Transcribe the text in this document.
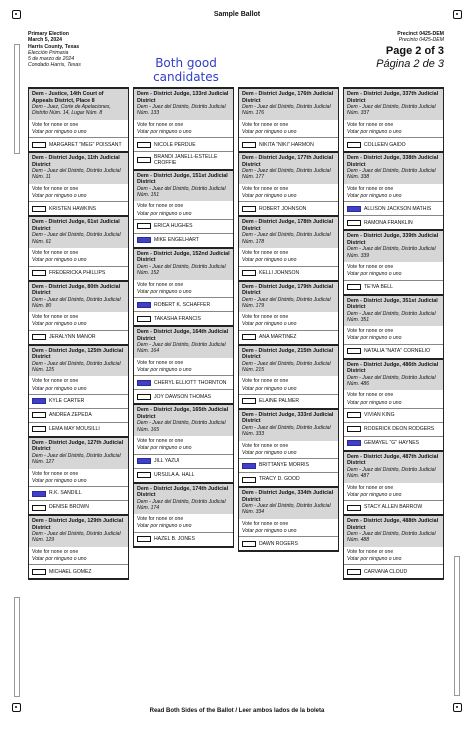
Sample Ballot
Primary Election
March 5, 2024
Harris County, Texas
Elección Primaria
5 de marzo de 2024
Condado Harris, Texas
Precinct 0425-DEM
Precinto 0425-DEM
Page 2 of 3
Página 2 de 3
Both good candidates
Dem - Justice, 14th Court of Appeals District, Place 8
Dem - Juez, Corte de Apelaciones, Distrito Núm. 14, Lugar Núm. 8
Vote for none or one
Votar por ninguno o uno
MARGARET "MEG" POISSANT
Dem - District Judge, 11th Judicial District
Dem - Juez del Distrito, Distrito Judicial Núm. 11
Vote for none or one
Votar por ninguno o uno
KRISTEN HAWKINS
Dem - District Judge, 61st Judicial District
Dem - Juez del Distrito, Distrito Judicial Núm. 61
Vote for none or one
Votar por ninguno o uno
FREDERICKA PHILLIPS
Dem - District Judge, 80th Judicial District
Dem - Juez del Distrito, Distrito Judicial Núm. 80
Vote for none or one
Votar por ninguno o uno
JERALYNN MANOR
Dem - District Judge, 125th Judicial District
Dem - Juez del Distrito, Distrito Judicial Núm. 125
Vote for none or one
Votar por ninguno o uno
KYLE CARTER
ANDREA ZEPEDA
LEMA MAY MOUSILLI
Dem - District Judge, 127th Judicial District
Dem - Juez del Distrito, Distrito Judicial Núm. 127
Vote for none or one
Votar por ninguno o uno
R.K. SANDILL
DENISE BROWN
Dem - District Judge, 129th Judicial District
Dem - Juez del Distrito, Distrito Judicial Núm. 129
Vote for none or one
Votar por ninguno o uno
MICHAEL GOMEZ
Dem - District Judge, 133rd Judicial District
Dem - Juez del Distrito, Distrito Judicial Núm. 133
Vote for none or one
Votar por ninguno o uno
NICOLE PERDUE
BRANDI JANELL-ESTELLE CROFFIE
Dem - District Judge, 151st Judicial District
Dem - Juez del Distrito, Distrito Judicial Núm. 151
Vote for none or one
Votar por ninguno o uno
ERICA HUGHES
MIKE ENGELHART
Dem - District Judge, 152nd Judicial District
Dem - Juez del Distrito, Distrito Judicial Núm. 152
Vote for none or one
Votar por ninguno o uno
ROBERT K. SCHAFFER
TAKASHA FRANCIS
Dem - District Judge, 164th Judicial District
Dem - Juez del Distrito, Distrito Judicial Núm. 164
Vote for none or one
Votar por ninguno o uno
CHERYL ELLIOTT THORNTON
JOY DAWSON THOMAS
Dem - District Judge, 165th Judicial District
Dem - Juez del Distrito, Distrito Judicial Núm. 165
Vote for none or one
Votar por ninguno o uno
JILL YAZUI
URSULA A. HALL
Dem - District Judge, 174th Judicial District
Dem - Juez del Distrito, Distrito Judicial Núm. 174
Vote for none or one
Votar por ninguno o uno
HAZEL B. JONES
Dem - District Judge, 176th Judicial District
Dem - Juez del Distrito, Distrito Judicial Núm. 176
Vote for none or one
Votar por ninguno o uno
NIKITA "NIKI" HARMON
Dem - District Judge, 177th Judicial District
Dem - Juez del Distrito, Distrito Judicial Núm. 177
Vote for none or one
Votar por ninguno o uno
ROBERT JOHNSON
Dem - District Judge, 178th Judicial District
Dem - Juez del Distrito, Distrito Judicial Núm. 178
Vote for none or one
Votar por ninguno o uno
KELLI JOHNSON
Dem - District Judge, 179th Judicial District
Dem - Juez del Distrito, Distrito Judicial Núm. 179
Vote for none or one
Votar por ninguno o uno
ANA MARTINEZ
Dem - District Judge, 215th Judicial District
Dem - Juez del Distrito, Distrito Judicial Núm. 215
Vote for none or one
Votar por ninguno o uno
ELAINE PALMER
Dem - District Judge, 333rd Judicial District
Dem - Juez del Distrito, Distrito Judicial Núm. 333
Vote for none or one
Votar por ninguno o uno
BRITTANYE MORRIS
TRACY D. GOOD
Dem - District Judge, 334th Judicial District
Dem - Juez del Distrito, Distrito Judicial Núm. 334
Vote for none or one
Votar por ninguno o uno
DAWN ROGERS
Dem - District Judge, 337th Judicial District
Dem - Juez del Distrito, Distrito Judicial Núm. 337
Vote for none or one
Votar por ninguno o uno
COLLEEN GAIDO
Dem - District Judge, 338th Judicial District
Dem - Juez del Distrito, Distrito Judicial Núm. 338
Vote for none or one
Votar por ninguno o uno
ALLISON JACKSON MATHIS
RAMONA FRANKLIN
Dem - District Judge, 339th Judicial District
Dem - Juez del Distrito, Distrito Judicial Núm. 339
Vote for none or one
Votar por ninguno o uno
TE'IVA BELL
Dem - District Judge, 351st Judicial District
Dem - Juez del Distrito, Distrito Judicial Núm. 351
Vote for none or one
Votar por ninguno o uno
NATALIA "NATA" CORNELIO
Dem - District Judge, 486th Judicial District
Dem - Juez del Distrito, Distrito Judicial Núm. 486
Vote for none or one
Votar por ninguno o uno
VIVIAN KING
RODERICK DEON RODGERS
GEMAYEL "G" HAYNES
Dem - District Judge, 487th Judicial District
Dem - Juez del Distrito, Distrito Judicial Núm. 487
Vote for none or one
Votar por ninguno o uno
STACY ALLEN BARROW
Dem - District Judge, 488th Judicial District
Dem - Juez del Distrito, Distrito Judicial Núm. 488
Vote for none or one
Votar por ninguno o uno
CARVANA CLOUD
Read Both Sides of the Ballot / Leer ambos lados de la boleta
